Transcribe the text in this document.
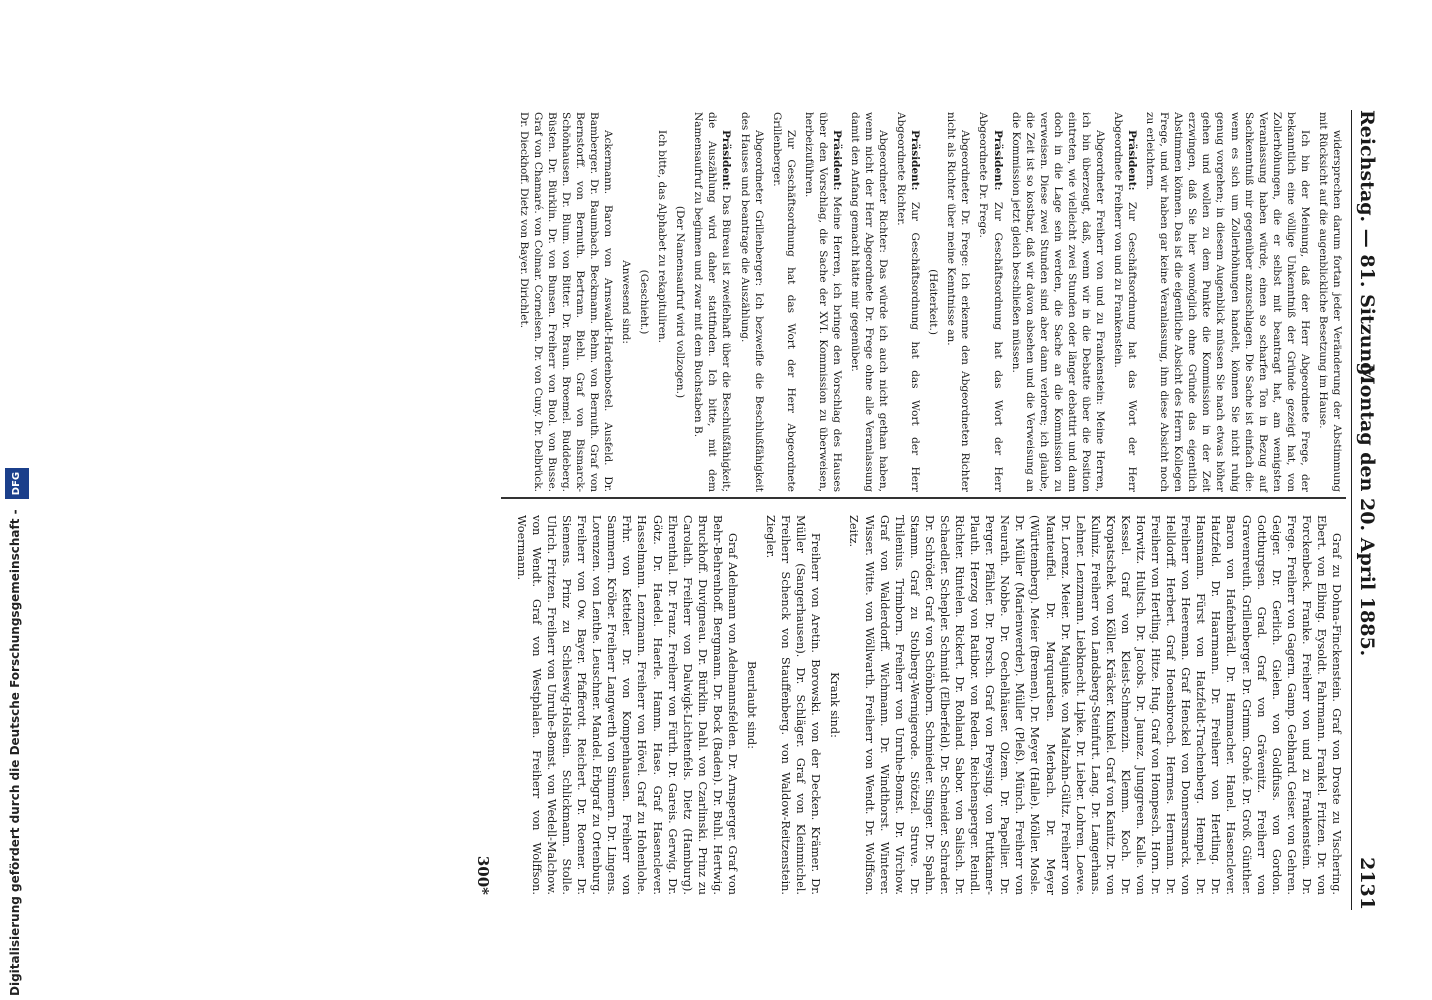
Reichstag. — 81. Sitzung.
Montag den 20. April 1885.
2131

widersprechen darum fortan jeder Veränderung der Abstimmung mit Rücksicht auf die augenblickliche Besetzung im Hause.

Ich bin der Meinung, daß der Herr Abgeordnete Frege, der bekanntlich eine völlige Unkenntniß der Gründe gezeigt hat, von Zollerhöhungen, die er selbst mit beantragt hat, am wenigsten Veranlassung haben würde, einen so scharfen Ton in Bezug auf Sachkenntniß mir gegenüber anzuschlagen. Die Sache ist einfach die: wenn es sich um Zollerhöhungen handelt, können Sie nicht ruhig genug vorgehen; in diesem Augenblick müssen Sie nach etwas höher gehen und wollen zu dem Punkte die Kommission in der Zeit erzwingen, daß Sie hier womöglich ohne Gründe das eigentlich Abstimmen können. Das ist die eigentliche Absicht des Herrn Kollegen Frege, und wir haben gar keine Veranlassung, ihm diese Absicht noch zu erleichtern.

Präsident: Zur Geschäftsordnung hat das Wort der Herr Abgeordnete Freiherr von und zu Frankenstein.

Abgeordneter Freiherr von und zu Frankenstein: Meine Herren, ich bin überzeugt, daß, wenn wir in die Debatte über die Position eintreten, wie vielleicht zwei Stunden oder länger debattirt und dann doch in die Lage sein werden, die Sache an die Kommission zu verweisen. Diese zwei Stunden sind aber dann verloren; ich glaube, die Zeit ist so kostbar, daß wir davon absehen und die Verweisung an die Kommission jetzt gleich beschließen müssen.

Präsident: Zur Geschäftsordnung hat das Wort der Herr Abgeordnete Dr. Frege.

Abgeordneter Dr. Frege: Ich erkenne den Abgeordneten Richter nicht als Richter über meine Kenntnisse an.

(Heiterkeit.)

Präsident: Zur Geschäftsordnung hat das Wort der Herr Abgeordnete Richter.

Abgeordneter Richter: Das würde ich auch nicht gethan haben, wenn nicht der Herr Abgeordnete Dr. Frege ohne alle Veranlassung damit den Anfang gemacht hätte mir gegenüber.

Präsident: Meine Herren, ich bringe den Vorschlag des Hauses über den Vorschlag, die Sache der XVI. Kommission zu überweisen, herbeizuführen.

Zur Geschäftsordnung hat das Wort der Herr Abgeordnete Grillenberger.

Abgeordneter Grillenberger: Ich bezweifle die Beschlußfähigkeit des Hauses und beantrage die Auszählung.

Präsident: Das Büreau ist zweifelhaft über die Beschlußfähigkeit; die Auszählung wird daher stattfinden. Ich bitte, mit dem Namensaufruf zu beginnen und zwar mit dem Buchstaben B.

(Der Namensaufruf wird vollzogen.)

Ich bitte, das Alphabet zu rekapituliren.

(Geschieht.)

Anwesend sind:

Ackermann. Baron von Arnswaldt-Hardenbostel. Ausfeld. Dr. Bamberger. Dr. Baumbach. Beckmann. Behm. von Bernuth. Graf von Bernstorff. von Bernuth. Bertram. Biehl. Graf von Bismarck-Schönhausen. Dr. Blum. von Bitter. Dr. Braun. Broemel. Buddeberg. Büsten. Dr. Bürklin. Dr. von Bunsen. Freiherr von Buol. von Busse. Graf von Chamaré. von Colmar. Cornelsen. Dr. von Cuny. Dr. Delbrück. Dr. Dieckhoff. Dietz von Bayer. Dirichlet.

Graf zu Dohna-Finckenstein. Graf von Droste zu Vischering. Ebert. von Elbing. Eysoldt. Fahrmann. Frankel. Fritzen. Dr. von Forckenbeck. Franke. Freiherr von und zu Frankenstein. Dr. Frege. Freiherr von Gagern. Gamp. Gebhard. Geiser. von Gehren. Geiger. Dr. Gerlich. Gielen. von Goldfuss. von Gordon. Gottburgsen. Grad. Graf von Grävenitz. Freiherr von Gravenreuth. Grillenberger. Dr. Grimm. Grohé. Dr. Groß. Günther. Baron von Hafenbrädl. Dr. Hammacher. Hanel. Hasenclever. Hatzfeld. Dr. Haarmann. Dr. Freiherr von Hertling. Dr. Hansmann. Fürst von Hatzfeldt-Trachenberg. Hempel. Dr. Freiherr von Heereman. Graf Henckel von Donnersmarck. von Helldorff. Herbert. Graf Hoensbroech. Hermes. Hermann. Dr. Freiherr von Hertling. Hitze. Hug. Graf von Hompesch. Horn. Dr. Horwitz. Hultsch. Dr. Jacobs. Dr. Jaunez. Junggreen. Kalle. von Kessel. Graf von Kleist-Schmenzin. Klemm. Koch. Dr. Kropatschek. von Köller. Kräcker. Kunkel. Graf von Kanitz. Dr. von Kulmiz. Freiherr von Landsberg-Steinfurt. Lang. Dr. Langerhans. Lehner. Lenzmann. Liebknecht. Lipke. Dr. Lieber. Lohren. Loewe. Dr. Lorenz. Meier. Dr. Majunke. von Maltzahn-Gültz. Freiherr von Manteuffel. Dr. Marquardsen. Merbach. Dr. Meyer (Württemberg). Meier (Bremen). Dr. Meyer (Halle). Möller. Mosle. Dr. Müller (Marienwerder). Müller (Pleß). Münch. Freiherr von Neurath. Nobbe. Dr. Oechelhäuser. Olzem. Dr. Papellier. Dr. Perger. Pfähler. Dr. Porsch. Graf von Preysing. von Puttkamer-Plauth. Herzog von Ratibor. von Reden. Reichensperger. Reindl. Richter. Rintelen. Rickert. Dr. Rohland. Sabor. von Salisch. Dr. Schaedler. Schepler. Schmidt (Elberfeld). Dr. Schneider. Schrader. Dr. Schröder. Graf von Schönborn. Schmieder. Singer. Dr. Spahn. Stamm. Graf zu Stolberg-Wernigerode. Stötzel. Struve. Dr. Thilenius. Trimborn. Freiherr von Unruhe-Bomst. Dr. Virchow. Graf von Walderdorff. Wichmann. Dr. Windthorst. Winterer. Wisser. Witte. von Wöllwarth. Freiherr von Wendt. Dr. Wolffson. Zeitz.

Krank sind:

Freiherr von Aretin. Borowski. von der Decken. Krämer. Dr. Müller (Sangerhausen). Dr. Schläger. Graf von Kleinmichel. Freiherr Schenck von Stauffenberg. von Waldow-Reitzenstein. Ziegler.

Beurlaubt sind:

Graf Adelmann von Adelmannsfelden. Dr. Arnsperger. Graf von Behr-Behrenhoff. Bergmann. Dr. Bock (Baden). Dr. Buhl. Hertwig. Bruckhoff. Duvigneau. Dr. Bürklin. Dahl. von Czarlinski. Prinz zu Carolath. Freiherr von Dalwigk-Lichtenfels. Dietz (Hamburg). Ehrenthal. Dr. Franz. Freiherr von Fürth. Dr. Gareis. Gerwig. Dr. Götz. Dr. Haedel. Haerle. Hamm. Hase. Graf Hasenclever. Hasselmann. Lenzmann. Freiherr von Hövel. Graf zu Hohenlohe. Frhr. von Ketteler. Dr. von Kompenhausen. Freiherr von Sammern. Kröber. Freiherr Langwerth von Simmern. Dr. Lingens. Lorenzen. von Lenthe. Leuschner. Mandel. Erbgraf zu Ortenburg. Freiherr von Ow. Bayer. Pfafferott. Reichert. Dr. Roemer. Dr. Siemens. Prinz zu Schleswig-Holstein. Schlickmann. Stolle. Ulrich. Fritzen. Freiherr von Unruhe-Bomst. von Wedell-Malchow. von Wendt. Graf von Westphalen. Freiherr von Wolffson. Woermann.

300*
Digitalisierung gefördert durch die Deutsche Forschungsgemeinschaft - DFG
